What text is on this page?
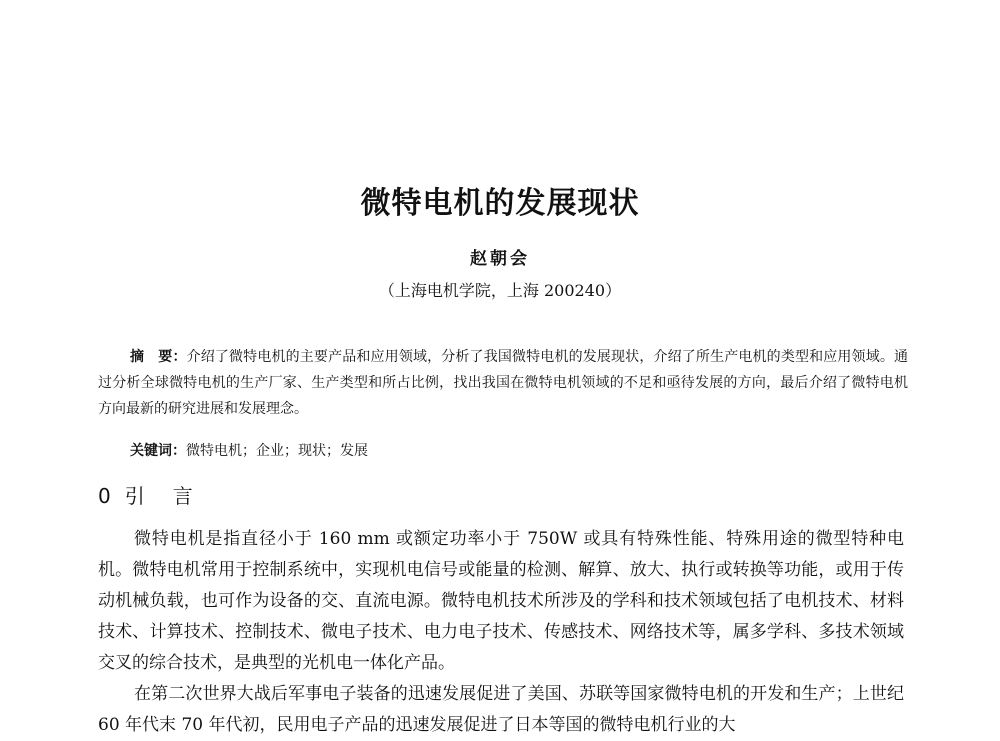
微特电机的发展现状
赵朝会
（上海电机学院，上海 200240）

摘　要：介绍了微特电机的主要产品和应用领域，分析了我国微特电机的发展现状，介绍了所生产电机的类型和应用领域。通过分析全球微特电机的生产厂家、生产类型和所占比例，找出我国在微特电机领域的不足和亟待发展的方向，最后介绍了微特电机方向最新的研究进展和发展理念。

关键词：微特电机；企业；现状；发展
0 引　言

微特电机是指直径小于 160 mm 或额定功率小于 750W 或具有特殊性能、特殊用途的微型特种电机。微特电机常用于控制系统中，实现机电信号或能量的检测、解算、放大、执行或转换等功能，或用于传动机械负载，也可作为设备的交、直流电源。微特电机技术所涉及的学科和技术领域包括了电机技术、材料技术、计算技术、控制技术、微电子技术、电力电子技术、传感技术、网络技术等，属多学科、多技术领域交叉的综合技术，是典型的光机电一体化产品。

在第二次世界大战后军事电子装备的迅速发展促进了美国、苏联等国家微特电机的开发和生产；上世纪 60 年代末 70 年代初，民用电子产品的迅速发展促进了日本等国的微特电机行业的大
